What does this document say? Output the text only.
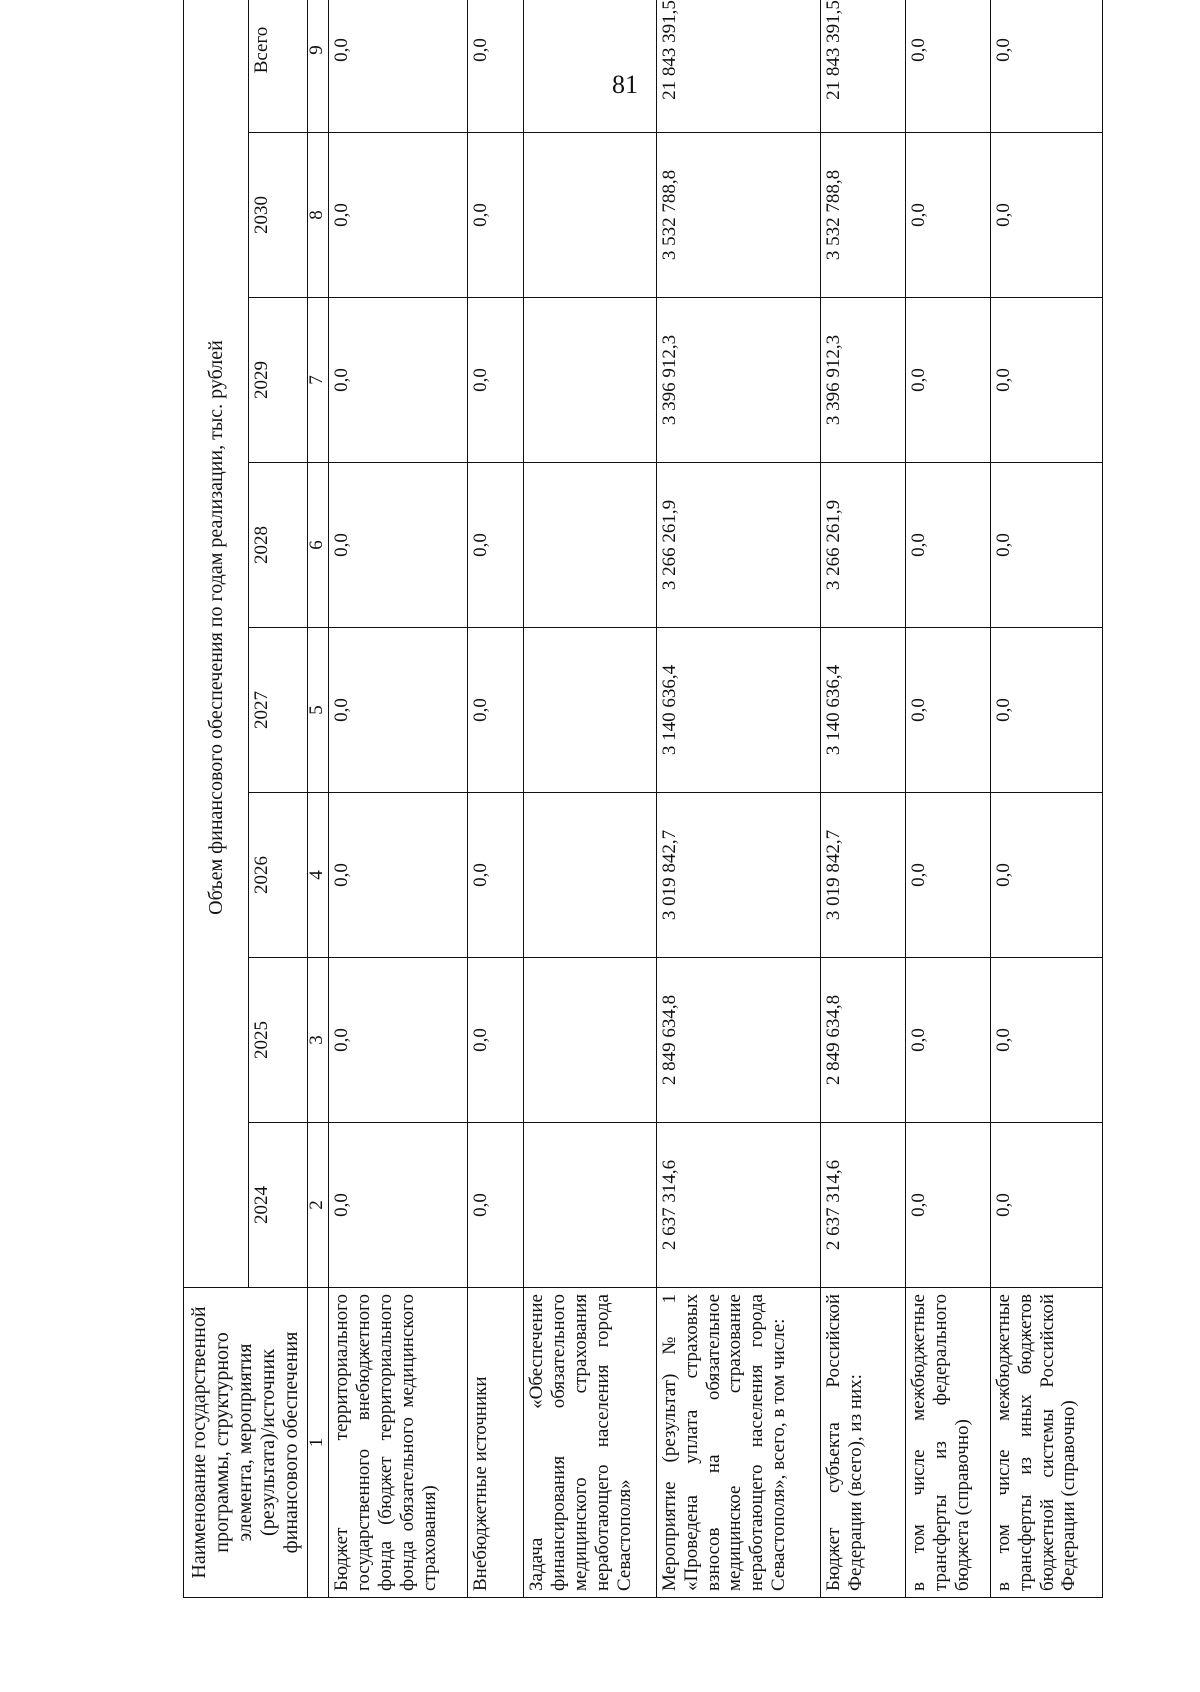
81
Наименование государственной программы, структурного элемента, мероприятия (результата)/источник финансового обеспечения	Объем финансового обеспечения по годам реализации, тыс. рублей							
	2024	2025	2026	2027	2028	2029	2030	Всего
1	2	3	4	5	6	7	8	9
Бюджет территориального государственного внебюджетного фонда (бюджет территориального фонда обязательного медицинского страхования)	0,0	0,0	0,0	0,0	0,0	0,0	0,0	0,0
Внебюджетные источники	0,0	0,0	0,0	0,0	0,0	0,0	0,0	0,0
Задача «Обеспечение финансирования обязательного медицинского страхования неработающего населения города Севастополя»								
Мероприятие (результат) № 1 «Проведена уплата страховых взносов на обязательное медицинское страхование неработающего населения города Севастополя», всего, в том числе:	2 637 314,6	2 849 634,8	3 019 842,7	3 140 636,4	3 266 261,9	3 396 912,3	3 532 788,8	21 843 391,5
Бюджет субъекта Российской Федерации (всего), из них:	2 637 314,6	2 849 634,8	3 019 842,7	3 140 636,4	3 266 261,9	3 396 912,3	3 532 788,8	21 843 391,5
в том числе межбюджетные трансферты из федерального бюджета (справочно)	0,0	0,0	0,0	0,0	0,0	0,0	0,0	0,0
в том числе межбюджетные трансферты из иных бюджетов бюджетной системы Российской Федерации (справочно)	0,0	0,0	0,0	0,0	0,0	0,0	0,0	0,0
